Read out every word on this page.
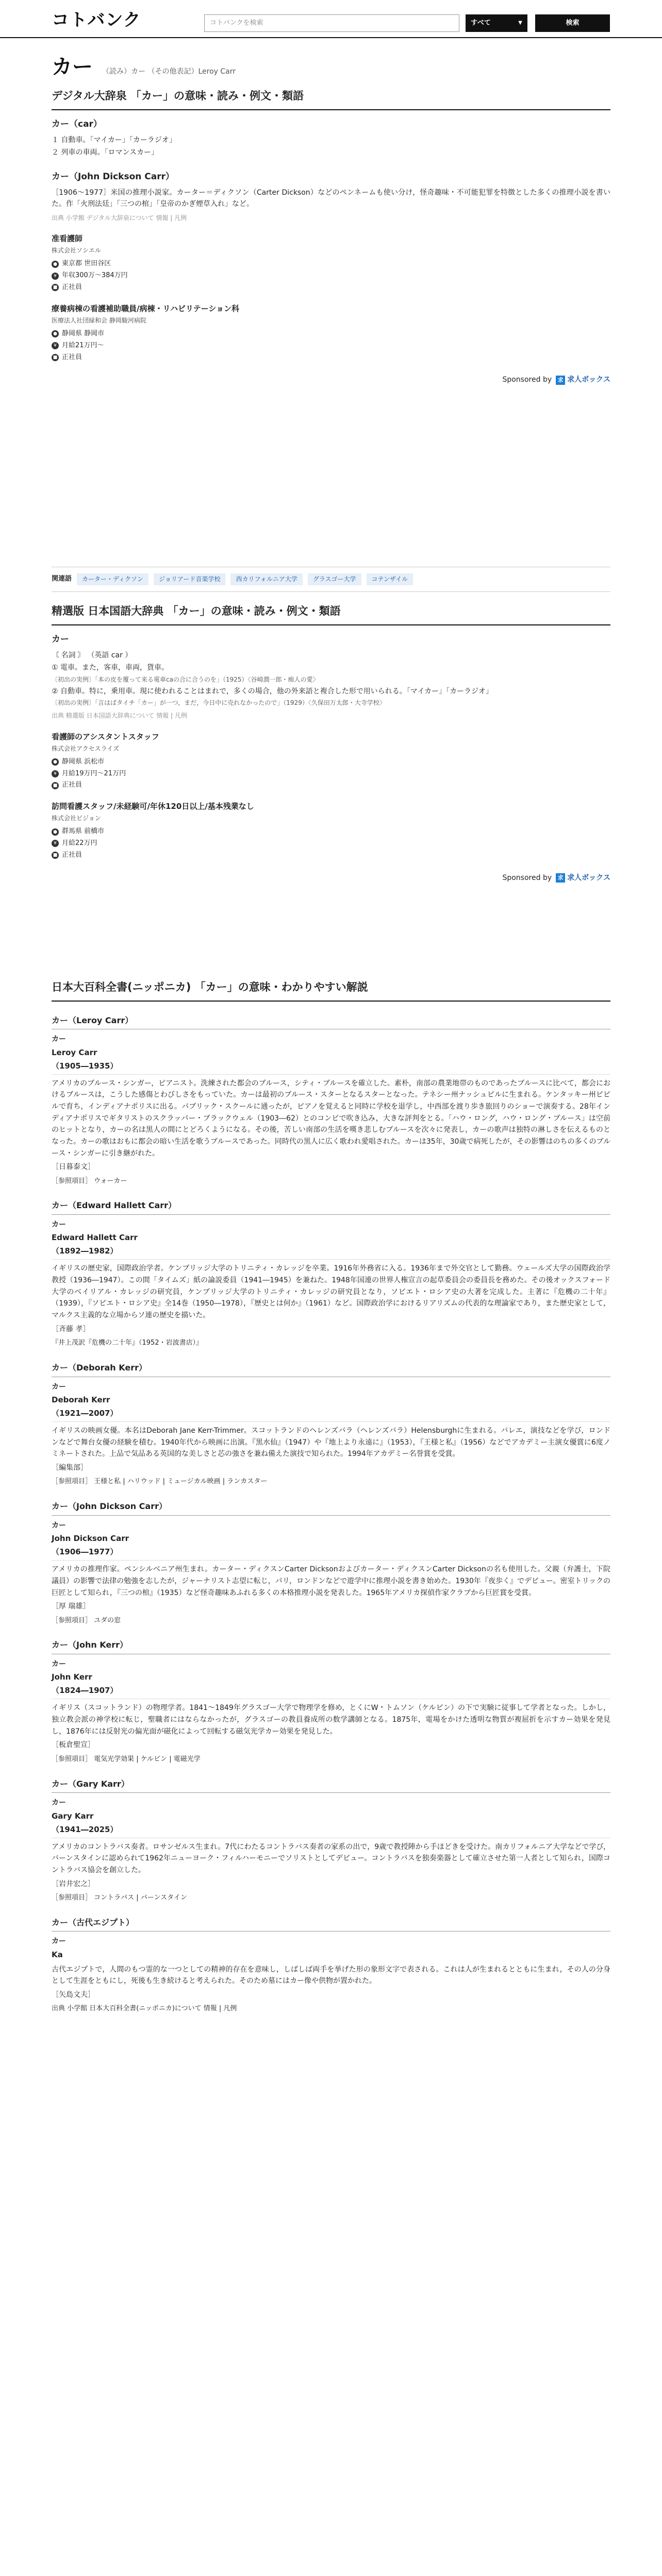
コトバンク	コトバンクを検索	すべて	▼	検索
カー （読み）カー （その他表記）Leroy Carr
デジタル大辞泉 「カー」の意味・読み・例文・類語
カー（car）

１ 自動車。「マイカー」「カーラジオ」

２ 列車の車両。「ロマンスカー」

カー（John Dickson Carr）
［1906〜1977］米国の推理小説家。カーター＝ディクソン（Carter Dickson）などのペンネームも使い分け，怪奇趣味・不可能犯罪を特徴とした多くの推理小説を書いた。作「火刑法廷」「三つの棺」「皇帝のかぎ煙草入れ」など。
出典 小学館 デジタル大辞泉について 情報 | 凡例
准看護師
株式会社ソシエル
● 東京都 世田谷区
¥ 年収300万〜384万円
■ 正社員
療養病棟の看護補助職員/病棟・リハビリテーション科
医療法人社団緑和会 静岡駿河病院
● 静岡県 静岡市
¥ 月給21万円〜
■ 正社員
Sponsored by	求 求人ボックス
関連語	カーター・ディクソン	ジョリアード音楽学校	西カリフォルニア大学	グラスゴー大学	コテンザイル
精選版 日本国語大辞典 「カー」の意味・読み・例文・類語
カー

〘 名詞 〙 （英語 car ）

① 電車。また，客車，車両，貨車。

〔初出の実例〕「本の皮を覆って来る電車caの合に合うのを」（1925）〈谷崎潤一郎・痴人の愛〉

② 自動車。特に，乗用車。現に使われることはまれで，多くの場合，他の外来語と複合した形で用いられる。「マイカー」「カーラジオ」

〔初出の実例〕「言はばタイチ「カー」が一つ，まだ，今日中に売れなかったので」（1929）〈久保田万太郎・大寺学校〉

出典 精選版 日本国語大辞典について 情報 | 凡例
看護師のアシスタントスタッフ
株式会社アクセスライズ
● 静岡県 浜松市
¥ 月給19万円〜21万円
■ 正社員
訪問看護スタッフ/未経験可/年休120日以上/基本残業なし
株式会社ビジョン
● 群馬県 前橋市
¥ 月給22万円
■ 正社員
Sponsored by	求 求人ボックス
日本大百科全書(ニッポニカ) 「カー」の意味・わかりやすい解説
カー（Leroy Carr）
カー
Leroy Carr
（1905―1935）
アメリカのブルース・シンガー，ピアニスト。洗練された都会のブルース，シティ・ブルースを確立した。素朴，南部の農業地帯のものであったブルースに比べて，都会におけるブルースは，こうした感傷とわびしさをもっていた。カーは最初のブルース・スターとなるスターとなった。テネシー州ナッシュビルに生まれる。ケンタッキー州ビビルで育ち，インディアナポリスに出る。パブリック・スクールに通ったが，ピアノを覚えると同時に学校を退学し，中西部を渡り歩き旅回りのショーで演奏する。28年インディアナポリスでギタリストのスクラッパー・ブラックウェル（1903―62）とのコンビで吹き込み，大きな評判をとる。「ハウ・ロング，ハウ・ロング・ブルース」は空前のヒットとなり，カーの名は黒人の間にとどろくようになる。その後，苦しい南部の生活を嘆き悲しむブルースを次々に発表し，カーの歌声は独特の淋しさを伝えるものとなった。カーの歌はおもに都会の暗い生活を歌うブルースであった。同時代の黒人に広く歌われ愛唱された。カーは35年，30歳で病死したが，その影響はのちの多くのブルース・シンガーに引き継がれた。
［日暮泰文］
［参照項目］ ウォーカー
カー（Edward Hallett Carr）
カー
Edward Hallett Carr
（1892―1982）
イギリスの歴史家，国際政治学者。ケンブリッジ大学のトリニティ・カレッジを卒業。1916年外務省に入る。1936年まで外交官として勤務。ウェールズ大学の国際政治学教授（1936―1947）。この間「タイムズ」紙の論説委員（1941―1945）を兼ねた。1948年国連の世界人権宣言の起草委員会の委員長を務めた。その後オックスフォード大学のベイリアル・カレッジの研究員，ケンブリッジ大学のトリニティ・カレッジの研究員となり，ソビエト・ロシア史の大著を完成した。主著に『危機の二十年』（1939），『ソビエト・ロシア史』全14巻（1950―1978），『歴史とは何か』（1961）など。国際政治学におけるリアリズムの代表的な理論家であり，また歴史家として，マルクス主義的な立場からソ連の歴史を描いた。
［斉藤 孝］
『井上茂訳『危機の二十年』（1952・岩波書店）』
カー（Deborah Kerr）
カー
Deborah Kerr
（1921―2007）
イギリスの映画女優。本名はDeborah Jane Kerr-Trimmer。スコットランドのヘレンズバラ（ヘレンズバラ）Helensburghに生まれる。バレエ，演技などを学び，ロンドンなどで舞台女優の経験を積む。1940年代から映画に出演。『黒水仙』（1947）や『地上より永遠に』（1953），『王様と私』（1956）などでアカデミー主演女優賞に6度ノミネートされた。上品で気品ある英国的な美しさと芯の強さを兼ね備えた演技で知られた。1994年アカデミー名誉賞を受賞。
［編集部］
［参照項目］ 王様と私 | ハリウッド | ミュージカル映画 | ランカスター
カー（John Dickson Carr）
カー
John Dickson Carr
（1906―1977）
アメリカの推理作家。ペンシルベニア州生まれ。カーター・ディクスンCarter Dicksonおよびカーター・ディクスンCarter Dicksonの名も使用した。父親（弁護士，下院議員）の影響で法律の勉強を志したが，ジャーナリスト志望に転じ，パリ，ロンドンなどで遊学中に推理小説を書き始めた。1930年『夜歩く』でデビュー。密室トリックの巨匠として知られ，『三つの棺』（1935）など怪奇趣味あふれる多くの本格推理小説を発表した。1965年アメリカ探偵作家クラブから巨匠賞を受賞。
［厚 瑞雄］
［参照項目］ ユダの窓
カー（John Kerr）
カー
John Kerr
（1824―1907）
イギリス（スコットランド）の物理学者。1841〜1849年グラスゴー大学で物理学を修め，とくにW・トムソン（ケルビン）の下で実験に従事して学者となった。しかし，独立教会派の神学校に転じ，聖職者にはならなかったが，グラスゴーの教員養成所の数学講師となる。1875年，電場をかけた透明な物質が複屈折を示すカー効果を発見し，1876年には反射光の偏光面が磁化によって回転する磁気光学カー効果を発見した。
［板倉聖宣］
［参照項目］ 電気光学効果 | ケルビン | 電磁光学
カー（Gary Karr）
カー
Gary Karr
（1941―2025）
アメリカのコントラバス奏者。ロサンゼルス生まれ。7代にわたるコントラバス奏者の家系の出で，9歳で教授陣から手ほどきを受けた。南カリフォルニア大学などで学び，バーンスタインに認められて1962年ニューヨーク・フィルハーモニーでソリストとしてデビュー。コントラバスを独奏楽器として確立させた第一人者として知られ，国際コントラバス協会を創立した。
［岩井宏之］
［参照項目］ コントラバス | バーンスタイン
カー（古代エジプト）
カー
Ka
古代エジプトで，人間のもつ霊的な一つとしての精神的存在を意味し，しばしば両手を挙げた形の象形文字で表される。これは人が生まれるとともに生まれ，その人の分身として生涯をともにし，死後も生き続けると考えられた。そのため墓にはカー像や供物が置かれた。
［矢島文夫］
出典 小学館 日本大百科全書(ニッポニカ)について 情報 | 凡例
